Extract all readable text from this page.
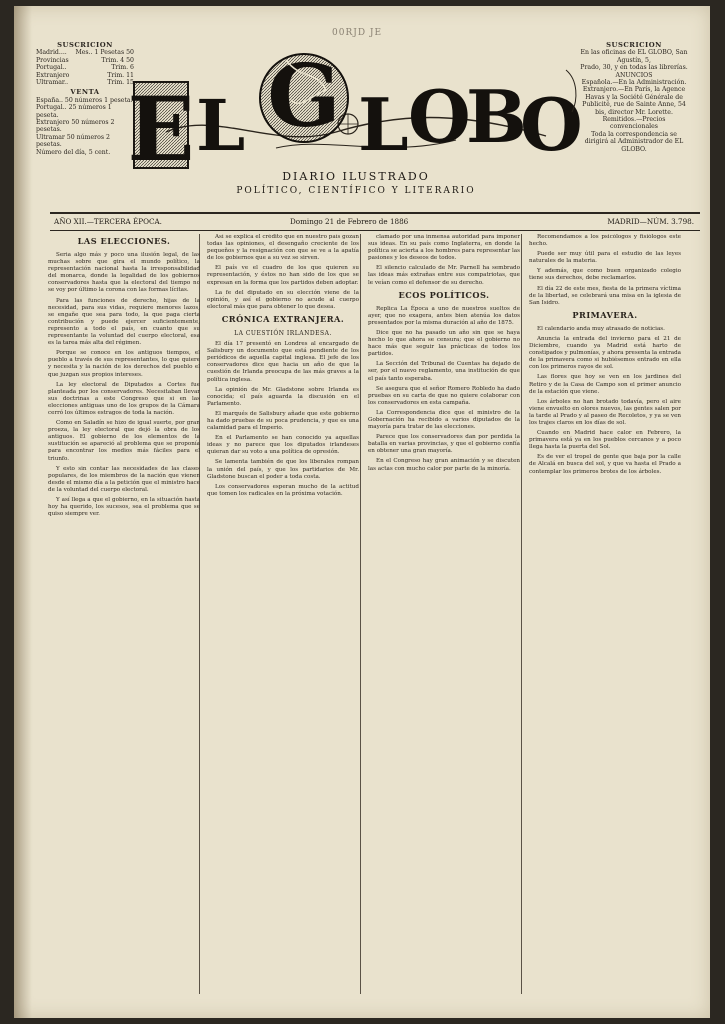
00RJD JE
SUSCRICION
Madrid.... Mes.. 1 Pesetas 50
Provincias	Trim. 4 50
Portugal..	Trim. 6
Extranjero	Trim. 11
Ultramar..	Trim. 15
VENTA
España.. 50 números 1 peseta.
Portugal.. 25 números 1 peseta.
Extranjero 50 números 2 pesetas.
Ultramar 50 números 2 pesetas.
Número del día, 5 cent. E L G L O
B
O
DIARIO ILUSTRADO
POLÍTICO, CIENTÍFICO Y LITERARIO
SUSCRICION
En las oficinas de EL GLOBO, San Agustín, 5,
Prado, 30, y en todas las librerías.
ANUNCIOS
Española.—En la Administración.
Extranjero.—En París, la Agence Havas y la Société Générale de Publicité, rue de Sainte Anne, 54 bis, director Mr. Lorette.
Remitidos.—Precios convencionales
Toda la correspondencia se dirigirá al Administrador de EL GLOBO.
AÑO XII.—TERCERA ÉPOCA.	Domingo 21 de Febrero de 1886	MADRID—NÚM. 3.798.
LAS ELECCIONES.

Seria algo más y poco una ilusión legal, de las muchas sobre que gira el mundo político, la representación nacional hasta la irresponsabilidad del monarca, donde la legalidad de los gobiernos conservadores hasta que la electoral del tiempo no se voy por último la corona con las formas lícitas.

Para las funciones de derecho, hijas de la necesidad, para sus vidas, requiere menores lazos, se engañe que sea para todo, la que paga cierta contribución y puede ejercer suficientemente, represento a todo el país, en cuanto que su representante la voluntad del cuerpo electoral, esa es la tarea más alta del régimen.

Porque se conoce en los antiguos tiempos, el pueblo a través de sus representantes, lo que quiere y necesita y la nación de los derechos del pueblo el que juzgan sus propios intereses.

La ley electoral de Diputados a Cortes fue planteada por los conservadores. Necesitaban llevar sus doctrinas a este Congreso que si en las elecciones antiguas uno de los grupos de la Cámara cerró los últimos estragos de toda la nación.

Como en Saladín se hizo de igual suerte, por gran proeza, la ley electoral que dejó la obra de los antiguos. El gobierno de los elementos de la sustitución se apareció al problema que se proponía para encontrar los medios más fáciles para el triunfo.

Y esto sin contar las necesidades de las clases populares, de los miembros de la nación que vienen desde el mismo día a la petición que el ministro hace de la voluntad del cuerpo electoral.

Y así llega a que el gobierno, en la situación hasta hoy ha querido, los sucesos, sea el problema que se quiso siempre ver.

Así se explica el crédito que en nuestro país gozan todas las opiniones, el desengaño creciente de los pequeños y la resignación con que se ve a la apatía de los gobiernos que a su vez se sirven.

El país ve el cuadro de los que quieren su representación, y éstos no han sido de los que se expresan en la forma que los partidos deben adoptar.

La fe del diputado en su elección viene de la opinión, y así el gobierno no acude al cuerpo electoral más que para obtener lo que desea.

CRÓNICA EXTRANJERA.
LA CUESTIÓN IRLANDESA.

El día 17 presentó en Londres al encargado de Salisbury un documento que está pendiente de los periódicos de aquella capital inglesa. El jefe de los conservadores dice que hacia un año de que la cuestión de Irlanda preocupa de las más graves a la política inglesa.

La opinión de Mr. Gladstone sobre Irlanda es conocida; el país aguarda la discusión en el Parlamento.

El marqués de Salisbury añade que este gobierno ha dado pruebas de su poca prudencia, y que es una calamidad para el Imperio.

En el Parlamento se han conocido ya aquellas ideas y no parece que los diputados irlandeses quieran dar su voto a una política de opresión.

Se lamenta también de que los liberales rompan la unión del país, y que los partidarios de Mr. Gladstone buscan el poder a toda costa.

Los conservadores esperan mucho de la actitud que tomen los radicales en la próxima votación.

clamado por una inmensa autoridad para imponer sus ideas. En su país como Inglaterra, en donde la política se acierta a los hombres para representar las pasiones y los deseos de todos.

El silencio calculado de Mr. Parnell ha sembrado las ideas más extrañas entre sus compatriotas, que le veían como el defensor de su derecho.

ECOS POLÍTICOS.

Replica La Época a uno de nuestros sueltos de ayer, que no exagera, antes bien atenúa los datos presentados por la misma duración al año de 1875.

Dice que no ha pasado un año sin que se haya hecho lo que ahora se censura; que el gobierno no hace más que seguir las prácticas de todos los partidos.

La Sección del Tribunal de Cuentas ha dejado de ser, por el nuevo reglamento, una institución de que el país tanto esperaba.

Se asegura que el señor Romero Robledo ha dado pruebas en su carta de que no quiere colaborar con los conservadores en esta campaña.

La Correspondencia dice que el ministro de la Gobernación ha recibido a varios diputados de la mayoría para tratar de las elecciones.

Parece que los conservadores dan por perdida la batalla en varias provincias, y que el gobierno confía en obtener una gran mayoría.

En el Congreso hay gran animación y se discuten las actas con mucho calor por parte de la minoría.

Recomendamos a los psicólogos y fisiólogos este hecho.

Puede ser muy útil para el estudio de las leyes naturales de la materia.

Y además, que como buen organizado colegio tiene sus derechos, debe reclamarlos.

El día 22 de este mes, fiesta de la primera víctima de la libertad, se celebrará una misa en la iglesia de San Isidro.

PRIMAVERA.

El calendario anda muy atrasado de noticias.

Anuncia la entrada del invierno para el 21 de Diciembre, cuando ya Madrid está harto de constipados y pulmonías, y ahora presenta la entrada de la primavera como si hubiésemos entrado en ella con los primeros rayos de sol.

Las flores que hoy se ven en los jardines del Retiro y de la Casa de Campo son el primer anuncio de la estación que viene.

Los árboles no han brotado todavía, pero el aire viene envuelto en olores nuevos, las gentes salen por la tarde al Prado y al paseo de Recoletos, y ya se ven los trajes claros en los días de sol.

Cuando en Madrid hace calor en Febrero, la primavera está ya en los pueblos cercanos y a poco llega hasta la puerta del Sol.

Es de ver el tropel de gente que baja por la calle de Alcalá en busca del sol, y que va hasta el Prado a contemplar los primeros brotes de los árboles.
